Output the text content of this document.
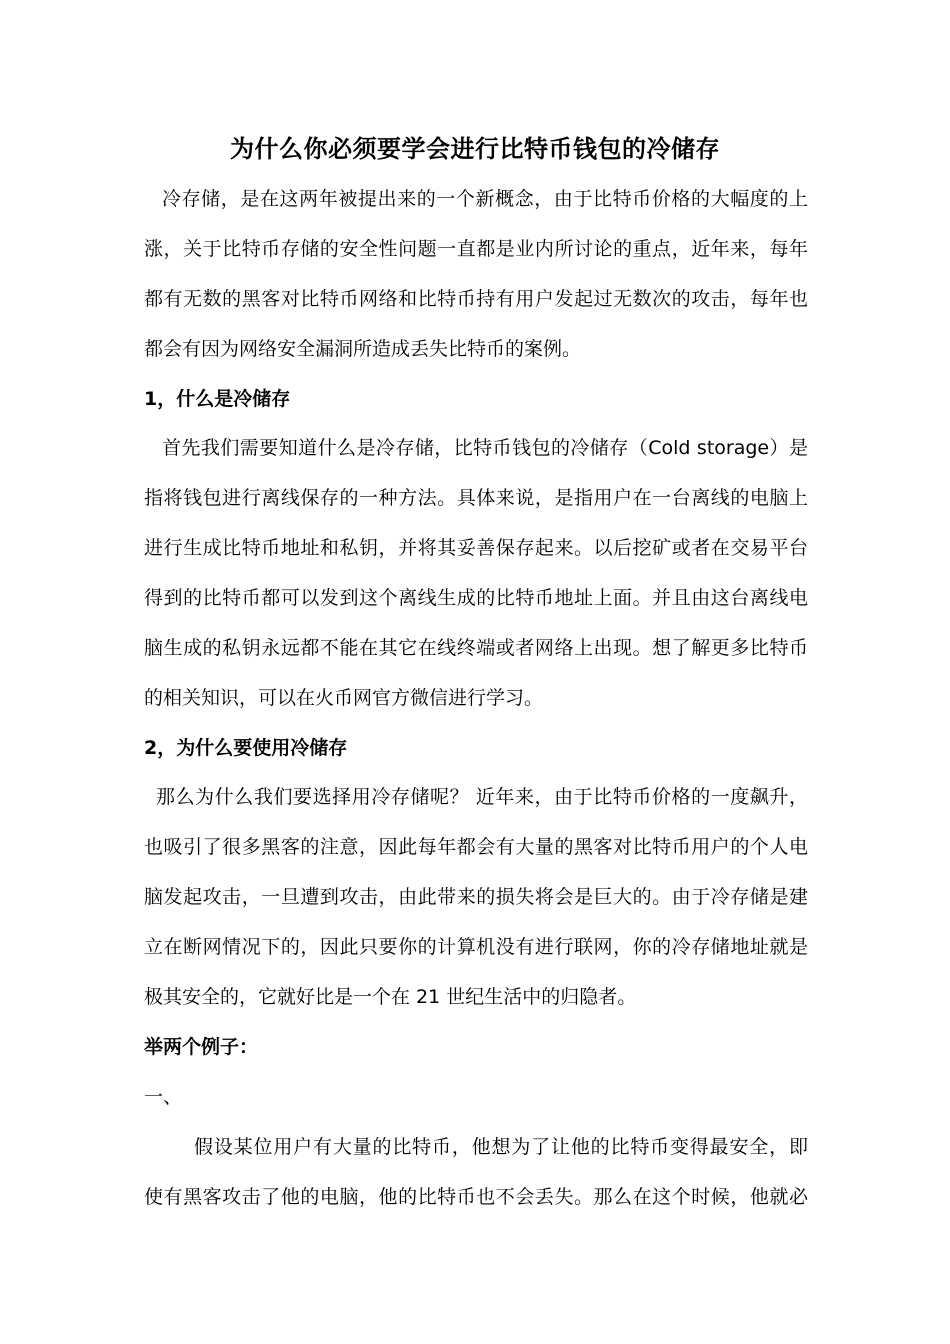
为什么你必须要学会进行比特币钱包的冷储存
冷存储，是在这两年被提出来的一个新概念，由于比特币价格的大幅度的上
涨，关于比特币存储的安全性问题一直都是业内所讨论的重点，近年来，每年
都有无数的黑客对比特币网络和比特币持有用户发起过无数次的攻击，每年也
都会有因为网络安全漏洞所造成丢失比特币的案例。
1，什么是冷储存
首先我们需要知道什么是冷存储，比特币钱包的冷储存（Cold storage）是
指将钱包进行离线保存的一种方法。具体来说，是指用户在一台离线的电脑上
进行生成比特币地址和私钥，并将其妥善保存起来。以后挖矿或者在交易平台
得到的比特币都可以发到这个离线生成的比特币地址上面。并且由这台离线电
脑生成的私钥永远都不能在其它在线终端或者网络上出现。想了解更多比特币
的相关知识，可以在火币网官方微信进行学习。
2，为什么要使用冷储存
那么为什么我们要选择用冷存储呢？ 近年来，由于比特币价格的一度飙升，
也吸引了很多黑客的注意，因此每年都会有大量的黑客对比特币用户的个人电
脑发起攻击，一旦遭到攻击，由此带来的损失将会是巨大的。由于冷存储是建
立在断网情况下的，因此只要你的计算机没有进行联网，你的冷存储地址就是
极其安全的，它就好比是一个在 21 世纪生活中的归隐者。
举两个例子：
一、
假设某位用户有大量的比特币，他想为了让他的比特币变得最安全，即
使有黑客攻击了他的电脑，他的比特币也不会丢失。那么在这个时候，他就必
